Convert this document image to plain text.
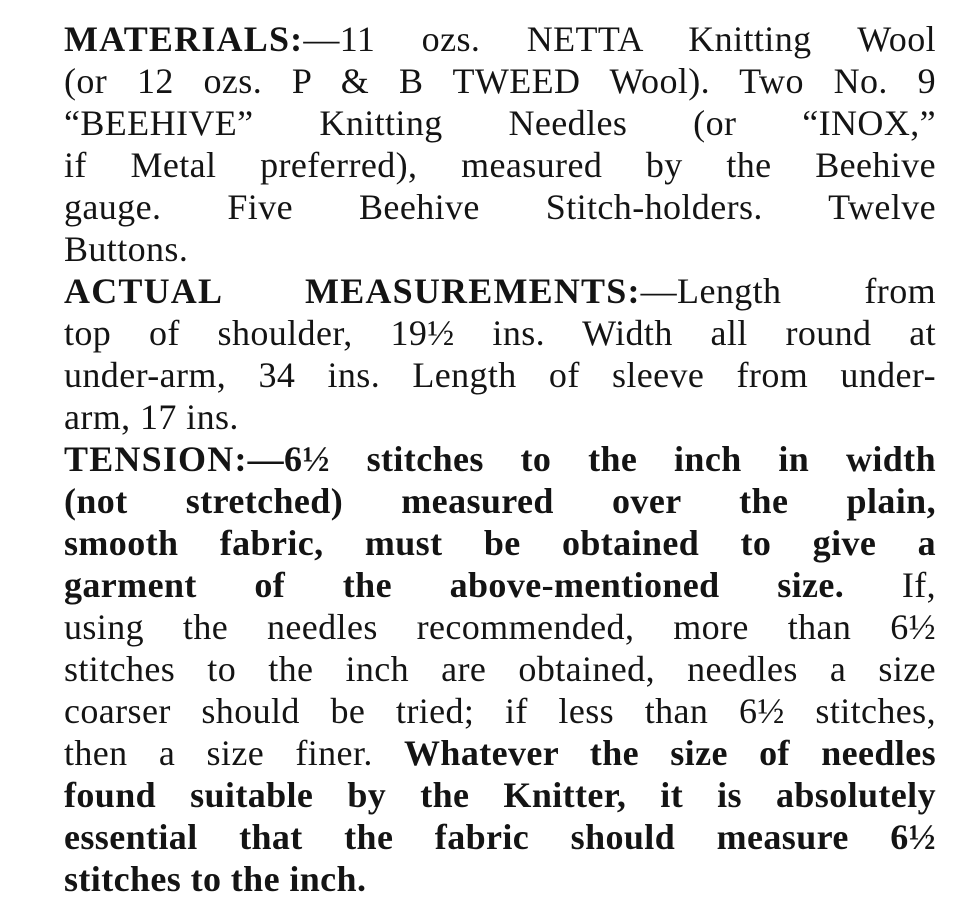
MATERIALS:—11 ozs. NETTA Knitting Wool
(or 12 ozs. P & B TWEED Wool). Two No. 9
“BEEHIVE” Knitting Needles (or “INOX,”
if Metal preferred), measured by the Beehive
gauge. Five Beehive Stitch-holders. Twelve
Buttons.
ACTUAL MEASUREMENTS:—Length from
top of shoulder, 19½ ins. Width all round at
under-arm, 34 ins. Length of sleeve from under-
arm, 17 ins.
TENSION:—6½ stitches to the inch in width
(not stretched) measured over the plain,
smooth fabric, must be obtained to give a
garment of the above-mentioned size. If,
using the needles recommended, more than 6½
stitches to the inch are obtained, needles a size
coarser should be tried; if less than 6½ stitches,
then a size finer. Whatever the size of needles
found suitable by the Knitter, it is absolutely
essential that the fabric should measure 6½
stitches to the inch.
